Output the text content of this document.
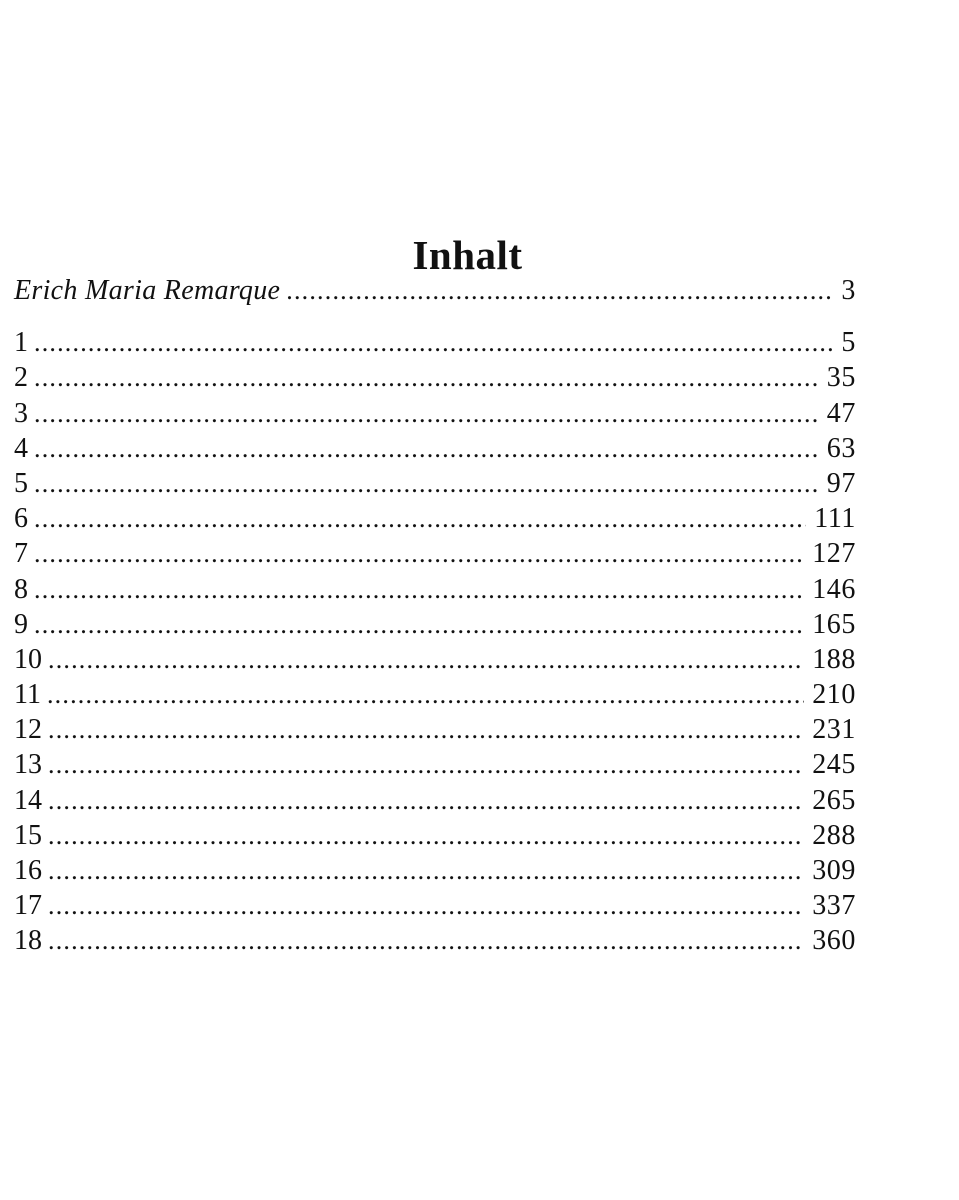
Inhalt
Erich Maria Remarque .....	3
1 .....	5
2 .....	35
3 .....	47
4 .....	63
5 .....	97
6 .....	111
7 .....	127
8 .....	146
9 .....	165
10 .....	188
11 .....	210
12 .....	231
13 .....	245
14 .....	265
15 .....	288
16 .....	309
17 .....	337
18 .....	360
